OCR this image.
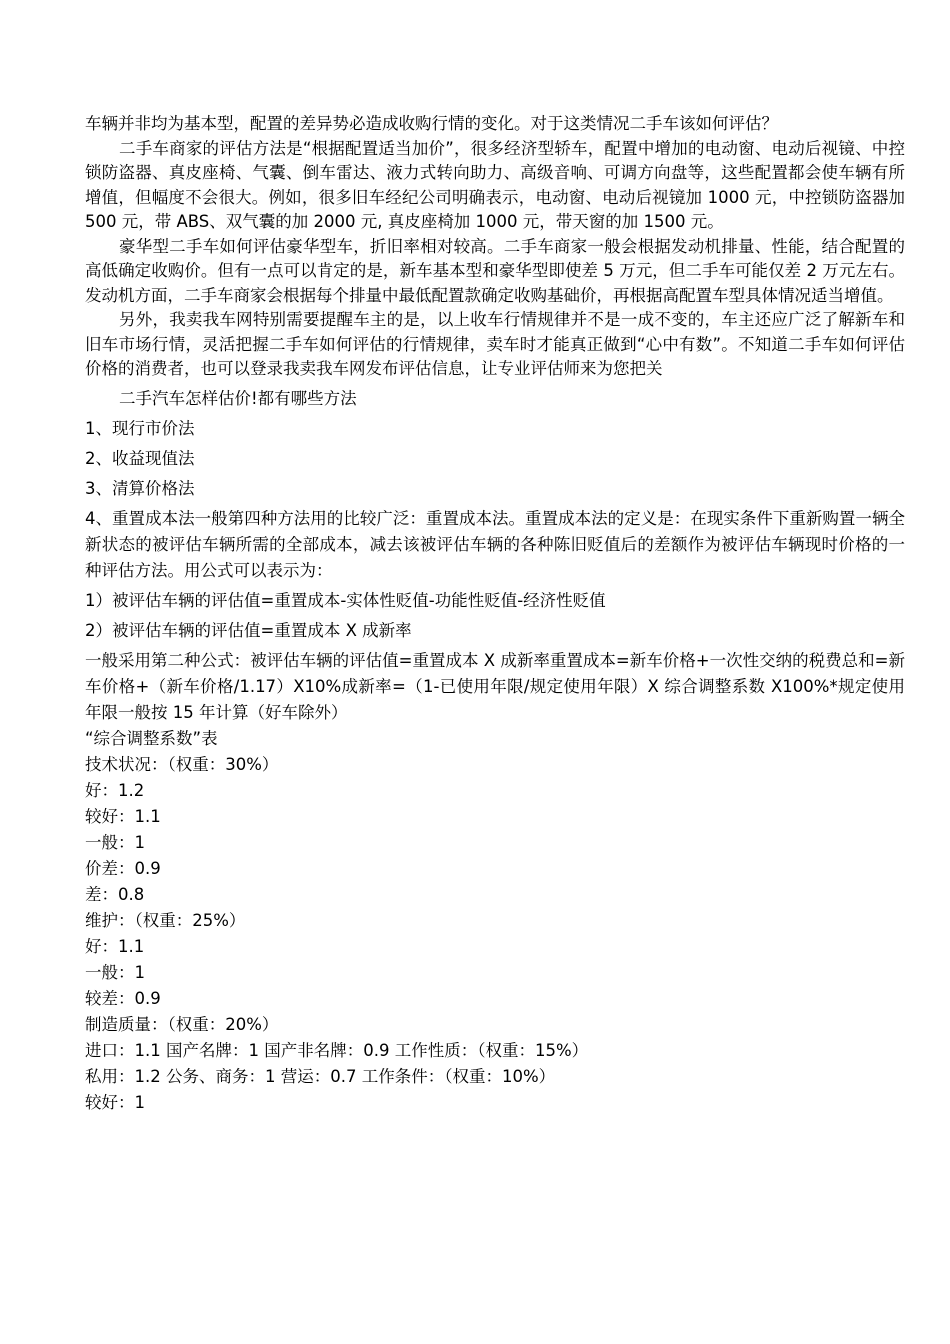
车辆并非均为基本型，配置的差异势必造成收购行情的变化。对于这类情况二手车该如何评估？

二手车商家的评估方法是“根据配置适当加价”，很多经济型轿车，配置中增加的电动窗、电动后视镜、中控锁防盗器、真皮座椅、气囊、倒车雷达、液力式转向助力、高级音响、可调方向盘等，这些配置都会使车辆有所增值，但幅度不会很大。例如，很多旧车经纪公司明确表示，电动窗、电动后视镜加 1000 元，中控锁防盗器加 500 元，带 ABS、双气囊的加 2000 元, 真皮座椅加 1000 元，带天窗的加 1500 元。

豪华型二手车如何评估豪华型车，折旧率相对较高。二手车商家一般会根据发动机排量、性能，结合配置的高低确定收购价。但有一点可以肯定的是，新车基本型和豪华型即使差 5 万元，但二手车可能仅差 2 万元左右。发动机方面，二手车商家会根据每个排量中最低配置款确定收购基础价，再根据高配置车型具体情况适当增值。

另外，我卖我车网特别需要提醒车主的是，以上收车行情规律并不是一成不变的，车主还应广泛了解新车和旧车市场行情，灵活把握二手车如何评估的行情规律，卖车时才能真正做到“心中有数”。不知道二手车如何评估价格的消费者，也可以登录我卖我车网发布评估信息，让专业评估师来为您把关

二手汽车怎样估价!都有哪些方法

1、现行市价法

2、收益现值法

3、清算价格法

4、重置成本法一般第四种方法用的比较广泛：重置成本法。重置成本法的定义是：在现实条件下重新购置一辆全新状态的被评估车辆所需的全部成本，减去该被评估车辆的各种陈旧贬值后的差额作为被评估车辆现时价格的一种评估方法。用公式可以表示为：

1）被评估车辆的评估值=重置成本-实体性贬值-功能性贬值-经济性贬值

2）被评估车辆的评估值=重置成本 X 成新率

一般采用第二种公式：被评估车辆的评估值=重置成本 X 成新率重置成本=新车价格+一次性交纳的税费总和=新车价格+（新车价格/1.17）X10%成新率=（1-已使用年限/规定使用年限）X 综合调整系数 X100%*规定使用年限一般按 15 年计算（好车除外）

“综合调整系数”表

技术状况：（权重：30%）

好：1.2

较好：1.1

一般：1

价差：0.9

差：0.8

维护：（权重：25%）

好：1.1

一般：1

较差：0.9

制造质量：（权重：20%）

进口：1.1 国产名牌：1 国产非名牌：0.9 工作性质：（权重：15%）

私用：1.2 公务、商务：1 营运：0.7 工作条件：（权重：10%）

较好：1
